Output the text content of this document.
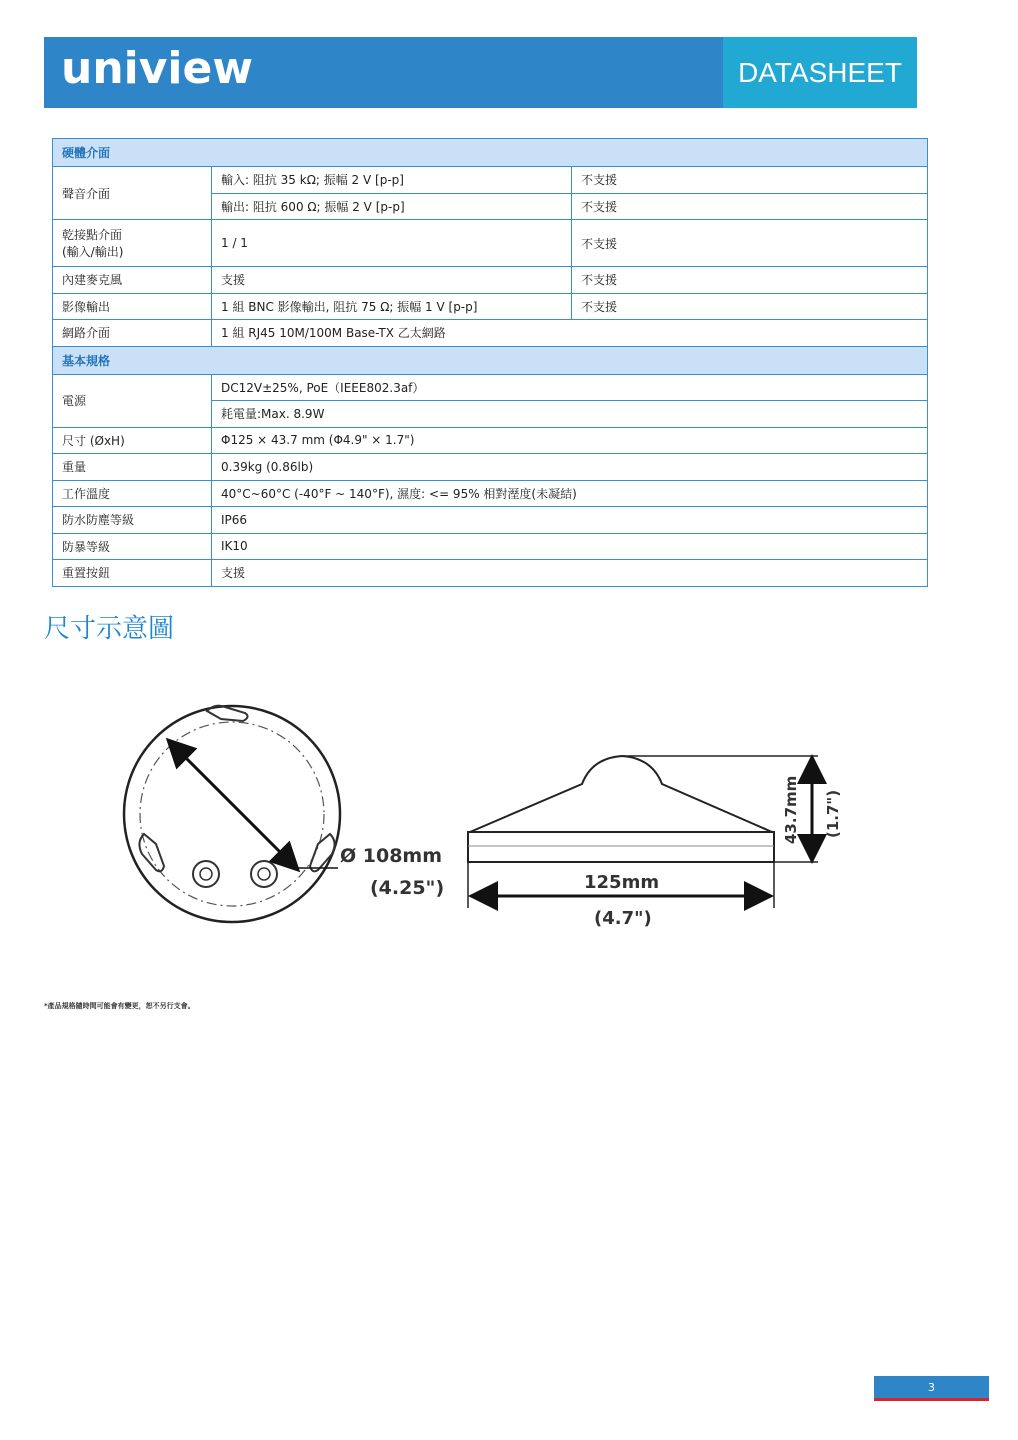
uniview	DATASHEET
硬體介面		
聲音介面	輸入: 阻抗 35 kΩ; 振幅 2 V [p-p]	不支援
	輸出: 阻抗 600 Ω; 振幅 2 V [p-p]	不支援

乾接點介面
(輸入/輸出)	1 / 1	不支援
內建麥克風	支援	不支援
影像輸出	1 組 BNC 影像輸出, 阻抗 75 Ω; 振幅 1 V [p-p]	不支援
網路介面	1 組 RJ45 10M/100M Base-TX 乙太網路	
基本規格		
電源	DC12V±25%, PoE（IEEE802.3af）	
	耗電量:Max. 8.9W	
尺寸 (ØxH)	Φ125 × 43.7 mm (Φ4.9" × 1.7")	
重量	0.39kg (0.86lb)	
工作溫度	40°C~60°C (-40°F ~ 140°F), 濕度: <= 95% 相對溼度(未凝結)	
防水防塵等級	IP66	
防暴等級	IK10	
重置按鈕	支援	
尺寸示意圖
Ø 108mm
(4.25")	125mm
(4.7")
43.7mm (1.7")
*產品規格隨時間可能會有變更，恕不另行支會。
3
